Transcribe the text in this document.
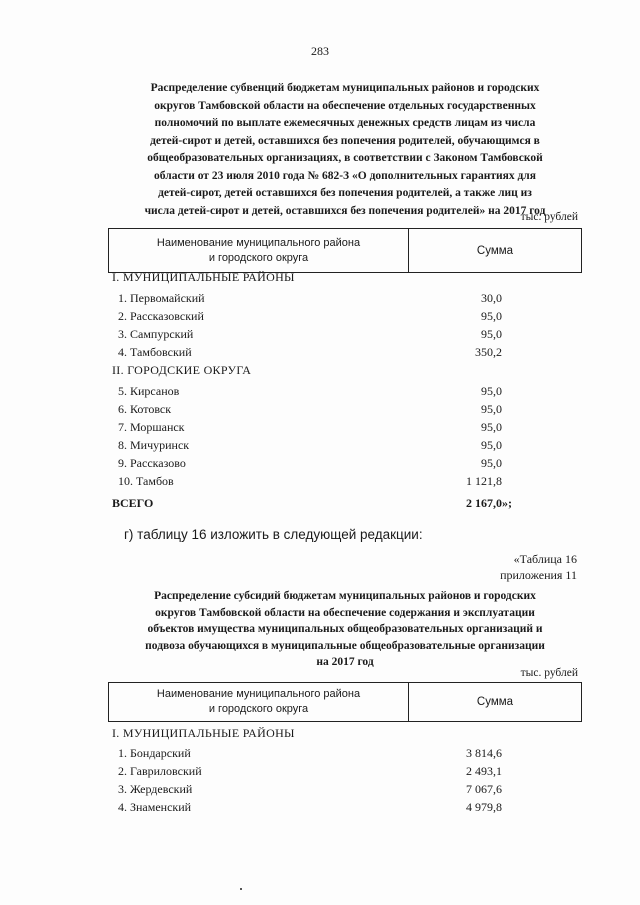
283
Распределение субвенций бюджетам муниципальных районов и городских
округов Тамбовской области на обеспечение отдельных государственных
полномочий по выплате ежемесячных денежных средств лицам из числа
детей-сирот и детей, оставшихся без попечения родителей, обучающимся в
общеобразовательных организациях, в соответствии с Законом Тамбовской
области от 23 июля 2010 года № 682-З «О дополнительных гарантиях для
детей-сирот, детей оставшихся без попечения родителей, а также лиц из
числа детей-сирот и детей, оставшихся без попечения родителей» на 2017 год
тыс. рублей
Наименование муниципального района
и городского округа
Сумма
I. МУНИЦИПАЛЬНЫЕ РАЙОНЫ
1. Первомайский	30,0
2. Рассказовский	95,0
3. Сампурский	95,0
4. Тамбовский	350,2
II. ГОРОДСКИЕ ОКРУГА
5. Кирсанов	95,0
6. Котовск	95,0
7. Моршанск	95,0
8. Мичуринск	95,0
9. Рассказово	95,0
10. Тамбов	1 121,8
ВСЕГО	2 167,0»;
г) таблицу 16 изложить в следующей редакции:
«Таблица 16
приложения 11
Распределение субсидий бюджетам муниципальных районов и городских
округов Тамбовской области на обеспечение содержания и эксплуатации
объектов имущества муниципальных общеобразовательных организаций и
подвоза обучающихся в муниципальные общеобразовательные организации
на 2017 год
тыс. рублей
Наименование муниципального района
и городского округа
Сумма
I. МУНИЦИПАЛЬНЫЕ РАЙОНЫ
1. Бондарский	3 814,6
2. Гавриловский	2 493,1
3. Жердевский	7 067,6
4. Знаменский	4 979,8
